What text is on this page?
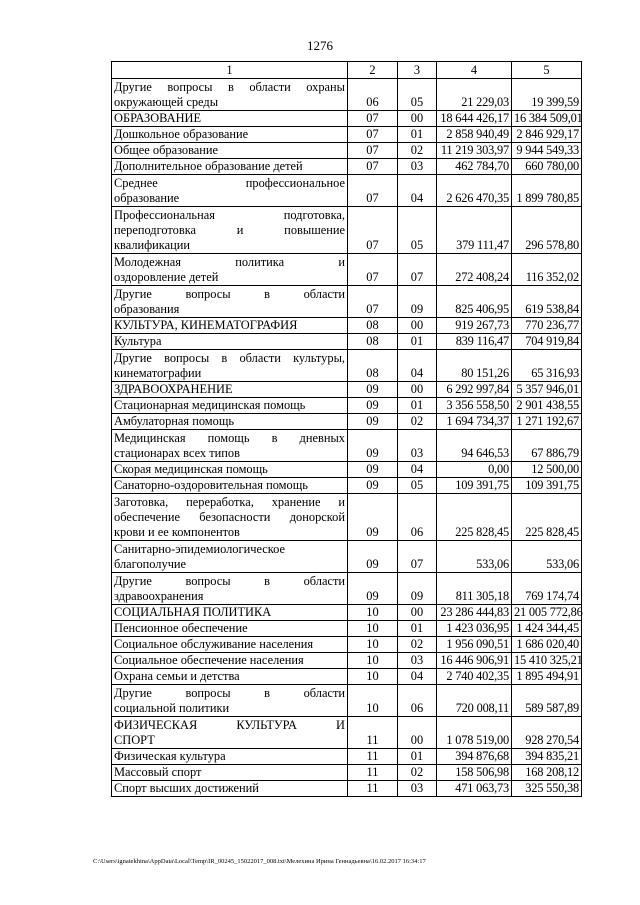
1276
1	2	3	4	5

Другие вопросы в области охраны
окружающей среды	06	05	21 229,03	19 399,59

ОБРАЗОВАНИЕ	07	00	18 644 426,17	16 384 509,01

Дошкольное образование	07	01	2 858 940,49	2 846 929,17

Общее образование	07	02	11 219 303,97	9 944 549,33

Дополнительное образование детей	07	03	462 784,70	660 780,00

Среднее профессиональное
образование	07	04	2 626 470,35	1 899 780,85

Профессиональная подготовка,
переподготовка и повышение
квалификации	07	05	379 111,47	296 578,80

Молодежная политика и
оздоровление детей	07	07	272 408,24	116 352,02

Другие вопросы в области
образования	07	09	825 406,95	619 538,84

КУЛЬТУРА, КИНЕМАТОГРАФИЯ	08	00	919 267,73	770 236,77

Культура	08	01	839 116,47	704 919,84

Другие вопросы в области культуры,
кинематографии	08	04	80 151,26	65 316,93

ЗДРАВООХРАНЕНИЕ	09	00	6 292 997,84	5 357 946,01

Стационарная медицинская помощь	09	01	3 356 558,50	2 901 438,55

Амбулаторная помощь	09	02	1 694 734,37	1 271 192,67

Медицинская помощь в дневных
стационарах всех типов	09	03	94 646,53	67 886,79

Скорая медицинская помощь	09	04	0,00	12 500,00

Санаторно-оздоровительная помощь	09	05	109 391,75	109 391,75

Заготовка, переработка, хранение и
обеспечение безопасности донорской
крови и ее компонентов	09	06	225 828,45	225 828,45

Санитарно-эпидемиологическое
благополучие	09	07	533,06	533,06

Другие вопросы в области
здравоохранения	09	09	811 305,18	769 174,74

СОЦИАЛЬНАЯ ПОЛИТИКА	10	00	23 286 444,83	21 005 772,86

Пенсионное обеспечение	10	01	1 423 036,95	1 424 344,45

Социальное обслуживание населения	10	02	1 956 090,51	1 686 020,40

Социальное обеспечение населения	10	03	16 446 906,91	15 410 325,21

Охрана семьи и детства	10	04	2 740 402,35	1 895 494,91

Другие вопросы в области
социальной политики	10	06	720 008,11	589 587,89

ФИЗИЧЕСКАЯ КУЛЬТУРА И
СПОРТ	11	00	1 078 519,00	928 270,54

Физическая культура	11	01	394 876,68	394 835,21

Массовый спорт	11	02	158 506,98	168 208,12

Спорт высших достижений	11	03	471 063,73	325 550,38
C:\Users\ignatekhina\AppData\Local\Temp\IR_00245_15022017_008.txt\Мелехина Ирина Геннадьевна\16.02.2017 16:34:17
